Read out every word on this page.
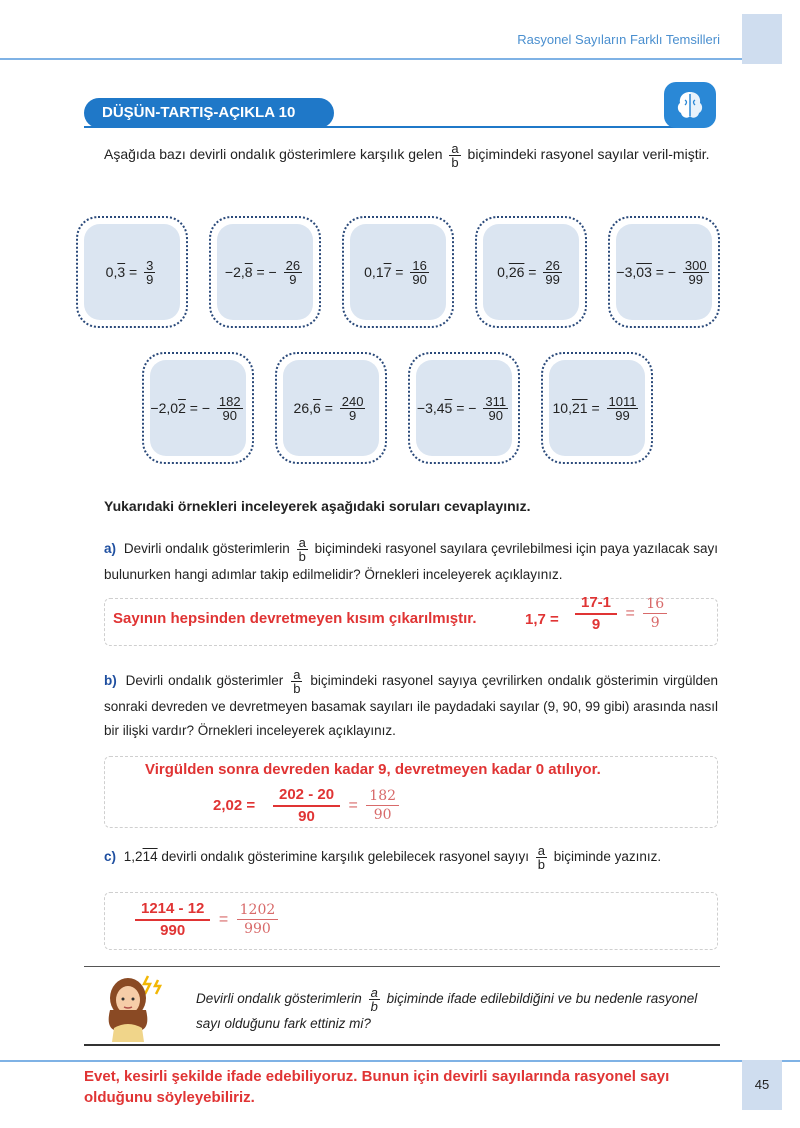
Rasyonel Sayıların Farklı Temsilleri
DÜŞÜN-TARTIŞ-AÇIKLA 10
Aşağıda bazı devirli ondalık gösterimlere karşılık gelen $\frac{a}{b}$ biçimindeki rasyonel sayılar veril-miştir.
0, 3
=
$\frac{3}{9}$	− 2, 8
= −
$\frac{26}{9}$	0,1 7
=
$\frac{16}{90}$	0, 26
=
$\frac{26}{99}$	− 3, 03
= −
$\frac{300}{99}$
− 2,0 2
= −
$\frac{182}{90}$	26, 6
=
$\frac{240}{9}$	− 3,4 5
= −
$\frac{311}{90}$	10, 21
=
$\frac{1011}{99}$
Yukarıdaki örnekleri inceleyerek aşağıdaki soruları cevaplayınız.
a) Devirli ondalık gösterimlerin $\frac{a}{b}$ biçimindeki rasyonel sayılara çevrilebilmesi için paya yazılacak sayı bulunurken hangi adımlar takip edilmelidir? Örnekleri inceleyerek açıklayınız.
Sayının hepsinden devretmeyen kısım çıkarılmıştır.	$1,7 = \frac{17-1}{9} = \frac{16}{9}$
b) Devirli ondalık gösterimler $\frac{a}{b}$ biçimindeki rasyonel sayıya çevrilirken ondalık gösterimin virgülden sonraki devreden ve devretmeyen basamak sayıları ile paydadaki sayılar (9, 90, 99 gibi) arasında nasıl bir ilişki vardır? Örnekleri inceleyerek açıklayınız.
Virgülden sonra devreden kadar 9, devretmeyen kadar 0 atılıyor.
$2,02 = \frac{202 - 20}{90} = \frac{182}{90}$
c) 1,214 devirli ondalık gösterimine karşılık gelebilecek rasyonel sayıyı $\frac{a}{b}$ biçiminde yazınız.
$\frac{1214 - 12}{990} = \frac{1202}{990}$
Devirli ondalık gösterimlerin $\frac{a}{b}$ biçiminde ifade edilebildiğini ve bu nedenle rasyonel sayı olduğunu fark ettiniz mi?
Evet, kesirli şekilde ifade edebiliyoruz. Bunun için devirli sayılarında rasyonel sayı olduğunu söyleyebiliriz.
45
